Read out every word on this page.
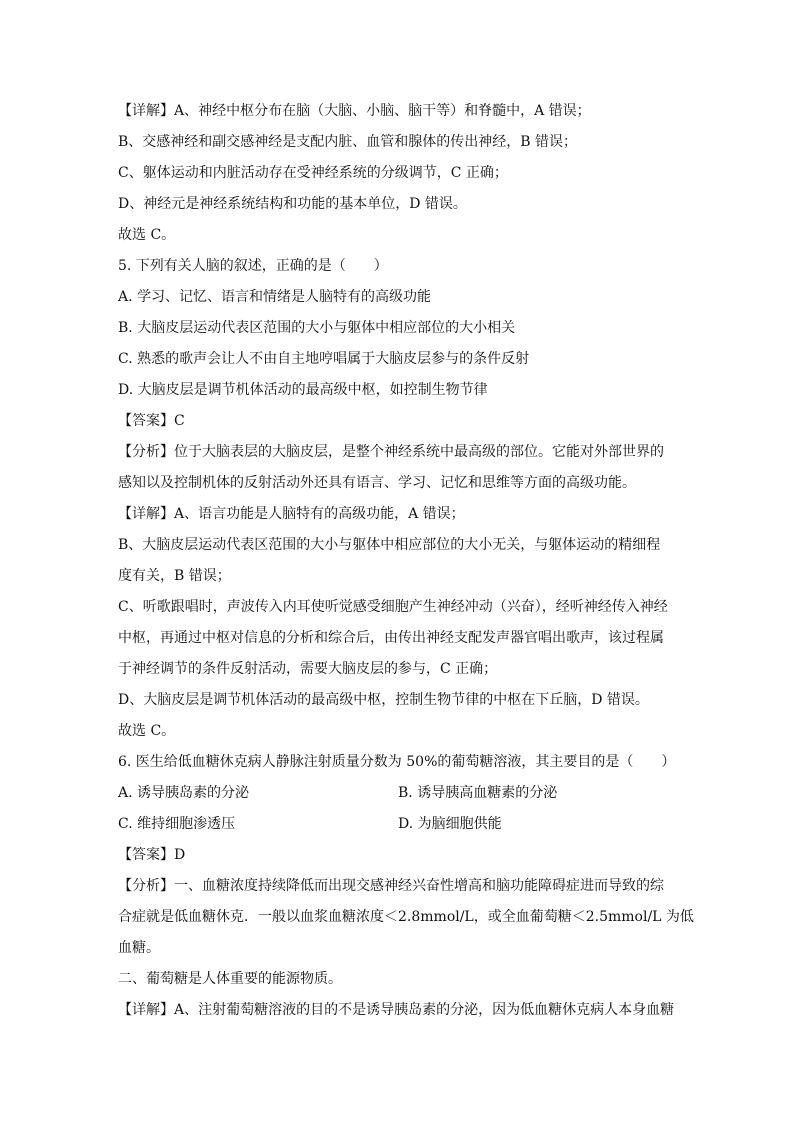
【详解】A、神经中枢分布在脑（大脑、小脑、脑干等）和脊髓中，A 错误；
B、交感神经和副交感神经是支配内脏、血管和腺体的传出神经，B 错误；
C、躯体运动和内脏活动存在受神经系统的分级调节，C 正确；
D、神经元是神经系统结构和功能的基本单位，D 错误。
故选 C。
5. 下列有关人脑的叙述，正确的是（　　）
A. 学习、记忆、语言和情绪是人脑特有的高级功能
B. 大脑皮层运动代表区范围的大小与躯体中相应部位的大小相关
C. 熟悉的歌声会让人不由自主地哼唱属于大脑皮层参与的条件反射
D. 大脑皮层是调节机体活动的最高级中枢，如控制生物节律
【答案】C
【分析】位于大脑表层的大脑皮层，是整个神经系统中最高级的部位。它能对外部世界的
感知以及控制机体的反射活动外还具有语言、学习、记忆和思维等方面的高级功能。
【详解】A、语言功能是人脑特有的高级功能，A 错误；
B、大脑皮层运动代表区范围的大小与躯体中相应部位的大小无关，与躯体运动的精细程
度有关，B 错误；
C、听歌跟唱时，声波传入内耳使听觉感受细胞产生神经冲动（兴奋），经听神经传入神经
中枢，再通过中枢对信息的分析和综合后，由传出神经支配发声器官唱出歌声，该过程属
于神经调节的条件反射活动，需要大脑皮层的参与，C 正确；
D、大脑皮层是调节机体活动的最高级中枢，控制生物节律的中枢在下丘脑，D 错误。
故选 C。
6. 医生给低血糖休克病人静脉注射质量分数为 50%的葡萄糖溶液，其主要目的是（　　）
A. 诱导胰岛素的分泌	B. 诱导胰高血糖素的分泌
C. 维持细胞渗透压	D. 为脑细胞供能
【答案】D
【分析】一、血糖浓度持续降低而出现交感神经兴奋性增高和脑功能障碍症进而导致的综
合症就是低血糖休克．一般以血浆血糖浓度＜2.8mmol/L，或全血葡萄糖＜2.5mmol/L 为低
血糖。
二、葡萄糖是人体重要的能源物质。
【详解】A、注射葡萄糖溶液的目的不是诱导胰岛素的分泌，因为低血糖休克病人本身血糖
